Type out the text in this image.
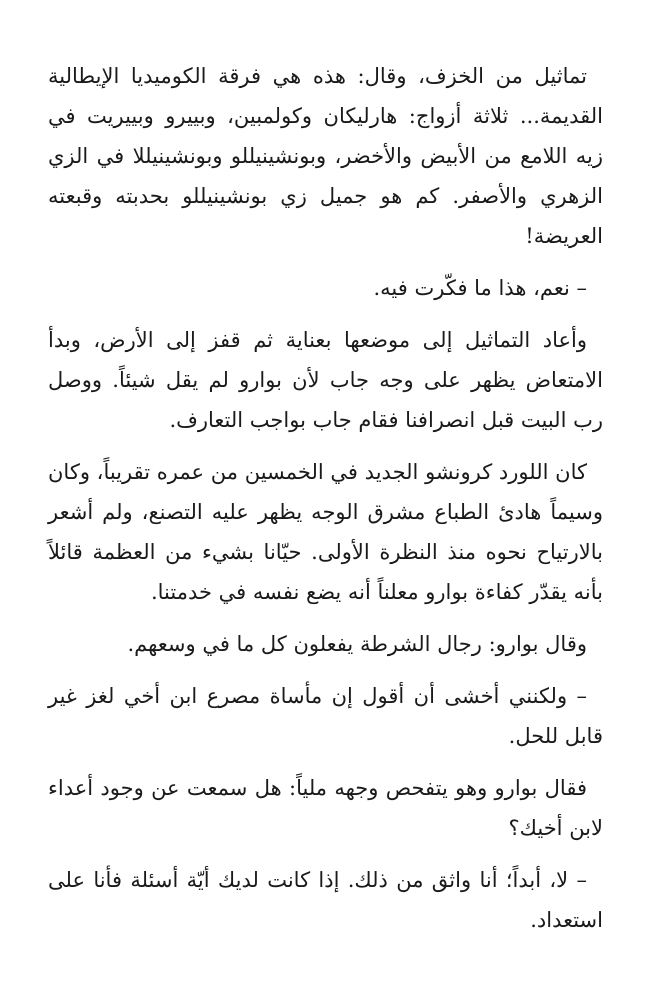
تماثيل من الخزف، وقال: هذه هي فرقة الكوميديا الإيطالية القديمة... ثلاثة أزواج: هارليكان وكولمبين، وبييرو وبييريت في زيه اللامع من الأبيض والأخضر، وبونشينيللو وبونشينيللا في الزي الزهري والأصفر. كم هو جميل زي بونشينيللو بحدبته وقبعته العريضة!

– نعم، هذا ما فكّرت فيه.

وأعاد التماثيل إلى موضعها بعناية ثم قفز إلى الأرض، وبدأ الامتعاض يظهر على وجه جاب لأن بوارو لم يقل شيئاً. ووصل رب البيت قبل انصرافنا فقام جاب بواجب التعارف.

كان اللورد كرونشو الجديد في الخمسين من عمره تقريباً، وكان وسيماً هادئ الطباع مشرق الوجه يظهر عليه التصنع، ولم أشعر بالارتياح نحوه منذ النظرة الأولى. حيّانا بشيء من العظمة قائلاً بأنه يقدّر كفاءة بوارو معلناً أنه يضع نفسه في خدمتنا.

وقال بوارو: رجال الشرطة يفعلون كل ما في وسعهم.

– ولكنني أخشى أن أقول إن مأساة مصرع ابن أخي لغز غير قابل للحل.

فقال بوارو وهو يتفحص وجهه ملياً: هل سمعت عن وجود أعداء لابن أخيك؟

– لا، أبداً؛ أنا واثق من ذلك. إذا كانت لديك أيّة أسئلة فأنا على استعداد.
